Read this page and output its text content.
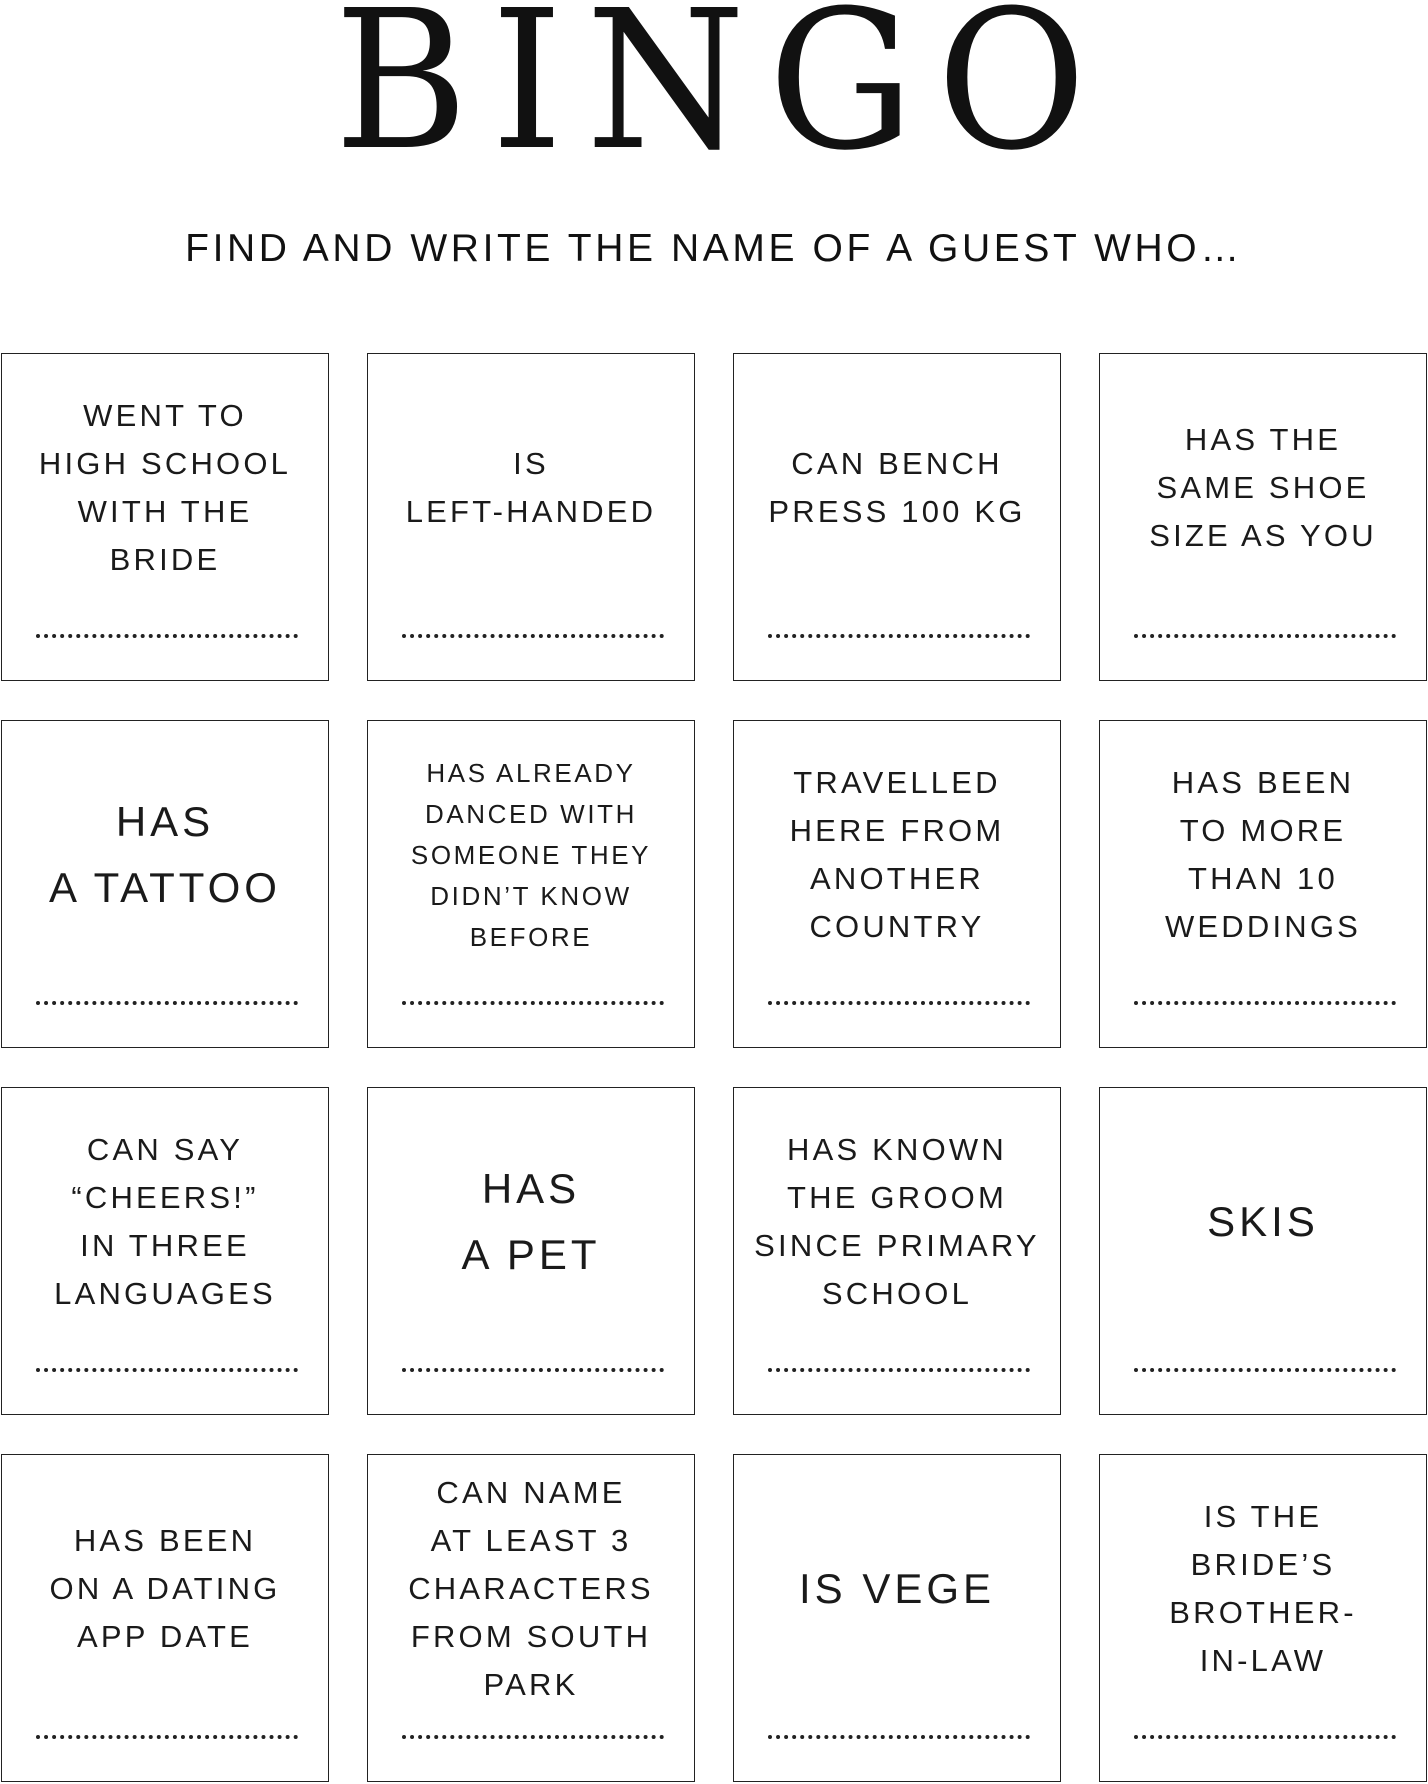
BINGO

FIND AND WRITE THE NAME OF A GUEST WHO…

WENT TO
HIGH SCHOOL
WITH THE
BRIDE
IS
LEFT-HANDED
CAN BENCH
PRESS 100 KG
HAS THE
SAME SHOE
SIZE AS YOU
HAS
A TATTOO
HAS ALREADY
DANCED WITH
SOMEONE THEY
DIDN’T KNOW
BEFORE
TRAVELLED
HERE FROM
ANOTHER
COUNTRY
HAS BEEN
TO MORE
THAN 10
WEDDINGS
CAN SAY
“CHEERS!”
IN THREE
LANGUAGES
HAS
A PET
HAS KNOWN
THE GROOM
SINCE PRIMARY
SCHOOL
SKIS
HAS BEEN
ON A DATING
APP DATE
CAN NAME
AT LEAST 3
CHARACTERS
FROM SOUTH
PARK
IS VEGE
IS THE
BRIDE’S
BROTHER-
IN-LAW
